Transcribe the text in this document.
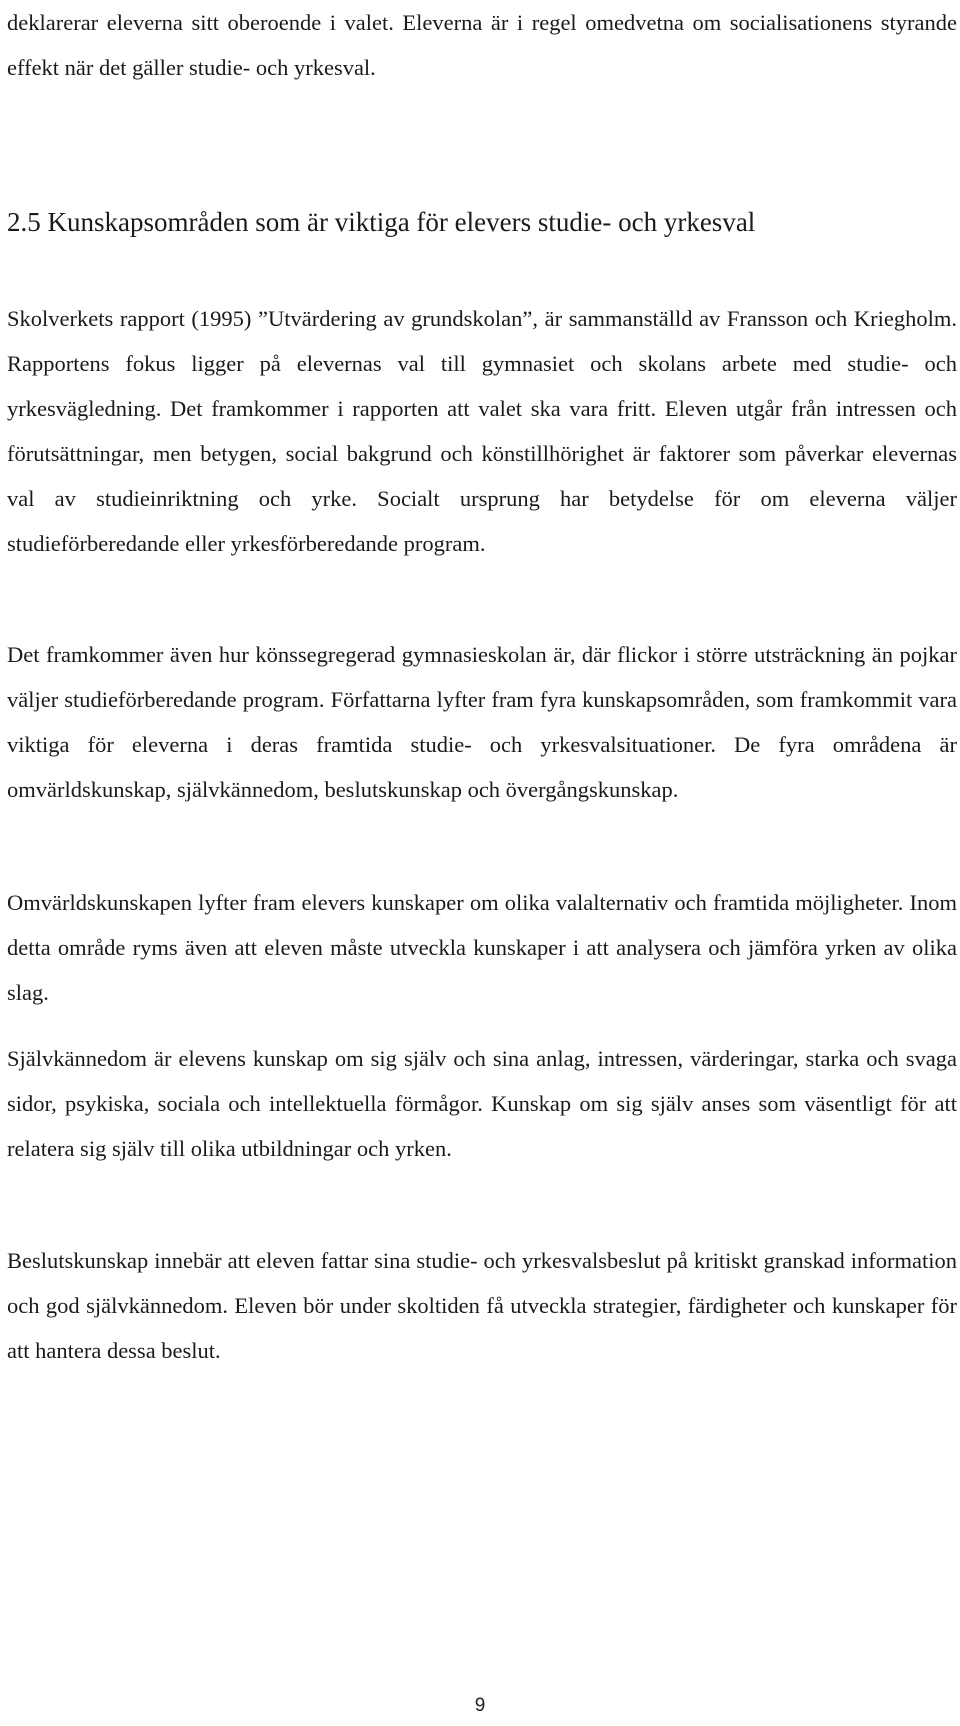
deklarerar eleverna sitt oberoende i valet. Eleverna är i regel omedvetna om socialisationens styrande effekt när det gäller studie- och yrkesval.

2.5 Kunskapsområden som är viktiga för elevers studie- och yrkesval

Skolverkets rapport (1995) ”Utvärdering av grundskolan”, är sammanställd av Fransson och Kriegholm. Rapportens fokus ligger på elevernas val till gymnasiet och skolans arbete med studie- och yrkesvägledning. Det framkommer i rapporten att valet ska vara fritt. Eleven utgår från intressen och förutsättningar, men betygen, social bakgrund och könstillhörighet är faktorer som påverkar elevernas val av studieinriktning och yrke. Socialt ursprung har betydelse för om eleverna väljer studieförberedande eller yrkesförberedande program.

Det framkommer även hur könssegregerad gymnasieskolan är, där flickor i större utsträckning än pojkar väljer studieförberedande program. Författarna lyfter fram fyra kunskapsområden, som framkommit vara viktiga för eleverna i deras framtida studie- och yrkesvalsituationer. De fyra områdena är omvärldskunskap, självkännedom, beslutskunskap och övergångskunskap.

Omvärldskunskapen lyfter fram elevers kunskaper om olika valalternativ och framtida möjligheter. Inom detta område ryms även att eleven måste utveckla kunskaper i att analysera och jämföra yrken av olika slag.

Självkännedom är elevens kunskap om sig själv och sina anlag, intressen, värderingar, starka och svaga sidor, psykiska, sociala och intellektuella förmågor. Kunskap om sig själv anses som väsentligt för att relatera sig själv till olika utbildningar och yrken.

Beslutskunskap innebär att eleven fattar sina studie- och yrkesvalsbeslut på kritiskt granskad information och god självkännedom. Eleven bör under skoltiden få utveckla strategier, färdigheter och kunskaper för att hantera dessa beslut.

9
